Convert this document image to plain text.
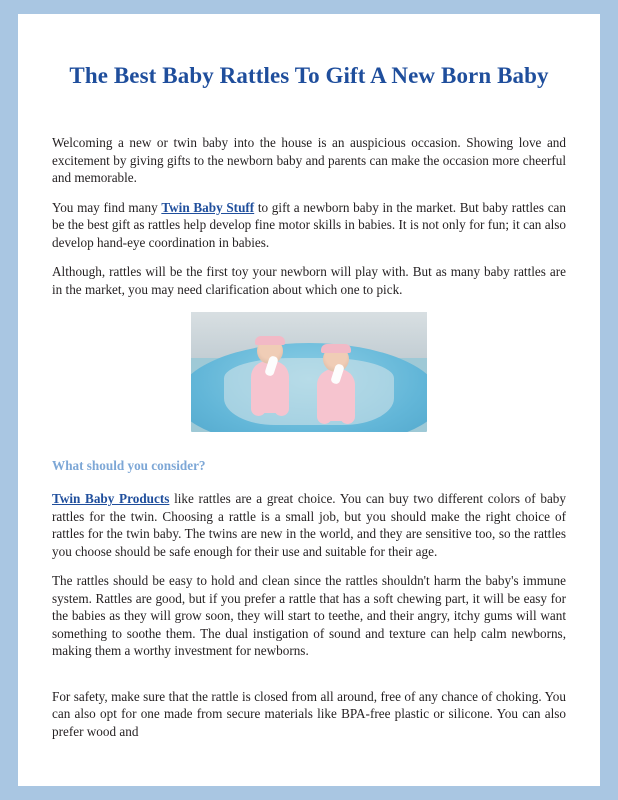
The Best Baby Rattles To Gift A New Born Baby

Welcoming a new or twin baby into the house is an auspicious occasion. Showing love and excitement by giving gifts to the newborn baby and parents can make the occasion more cheerful and memorable.

You may find many Twin Baby Stuff to gift a newborn baby in the market. But baby rattles can be the best gift as rattles help develop fine motor skills in babies. It is not only for fun; it can also develop hand-eye coordination in babies.

Although, rattles will be the first toy your newborn will play with. But as many baby rattles are in the market, you may need clarification about which one to pick.

What should you consider?

Twin Baby Products like rattles are a great choice. You can buy two different colors of baby rattles for the twin. Choosing a rattle is a small job, but you should make the right choice of rattles for the twin baby. The twins are new in the world, and they are sensitive too, so the rattles you choose should be safe enough for their use and suitable for their age.

The rattles should be easy to hold and clean since the rattles shouldn't harm the baby's immune system. Rattles are good, but if you prefer a rattle that has a soft chewing part, it will be easy for the babies as they will grow soon, they will start to teethe, and their angry, itchy gums will want something to soothe them. The dual instigation of sound and texture can help calm newborns, making them a worthy investment for newborns.

For safety, make sure that the rattle is closed from all around, free of any chance of choking. You can also opt for one made from secure materials like BPA-free plastic or silicone. You can also prefer wood and
